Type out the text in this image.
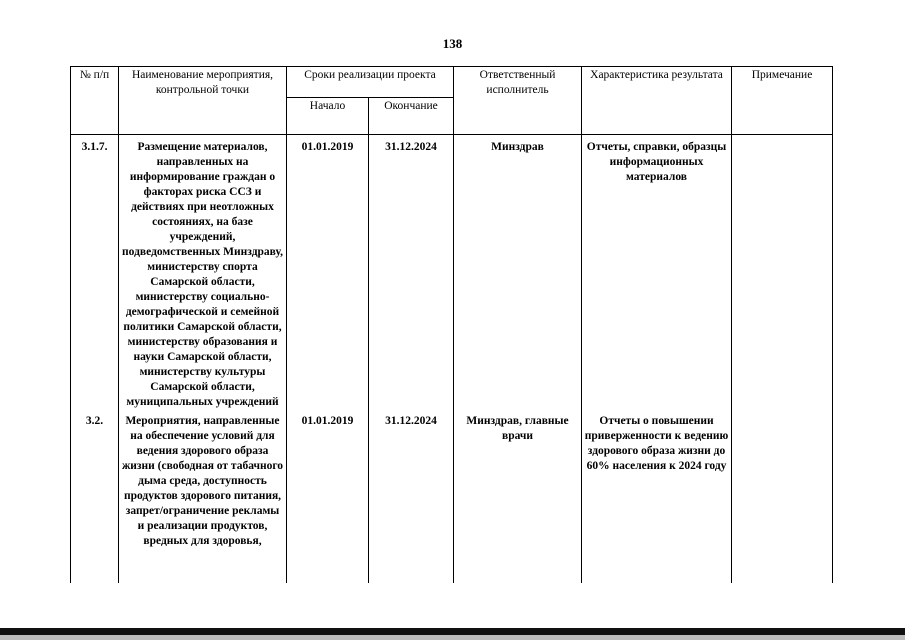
138
№ п/п	Наименование мероприятия, контрольной точки	Сроки реализации проекта		Ответственный исполнитель	Характеристика результата	Примечание
		Начало	Окончание			

3.1.7.	Размещение материалов, направленных на информирование граждан о факторах риска ССЗ и действиях при неотложных состояниях, на базе учреждений, подведомственных Минздраву, министерству спорта Самарской области, министерству социально-демографической и семейной политики Самарской области, министерству образования и науки Самарской области, министерству культуры Самарской области, муниципальных учреждений	01.01.2019	31.12.2024	Минздрав	Отчеты, справки, образцы информационных материалов	
3.2.	Мероприятия, направленные на обеспечение условий для ведения здорового образа жизни (свободная от табачного дыма среда, доступность продуктов здорового питания, запрет/ограничение рекламы и реализации продуктов, вредных для здоровья,	01.01.2019	31.12.2024	Минздрав, главные врачи	Отчеты о повышении приверженности к ведению здорового образа жизни до 60% населения к 2024 году	
